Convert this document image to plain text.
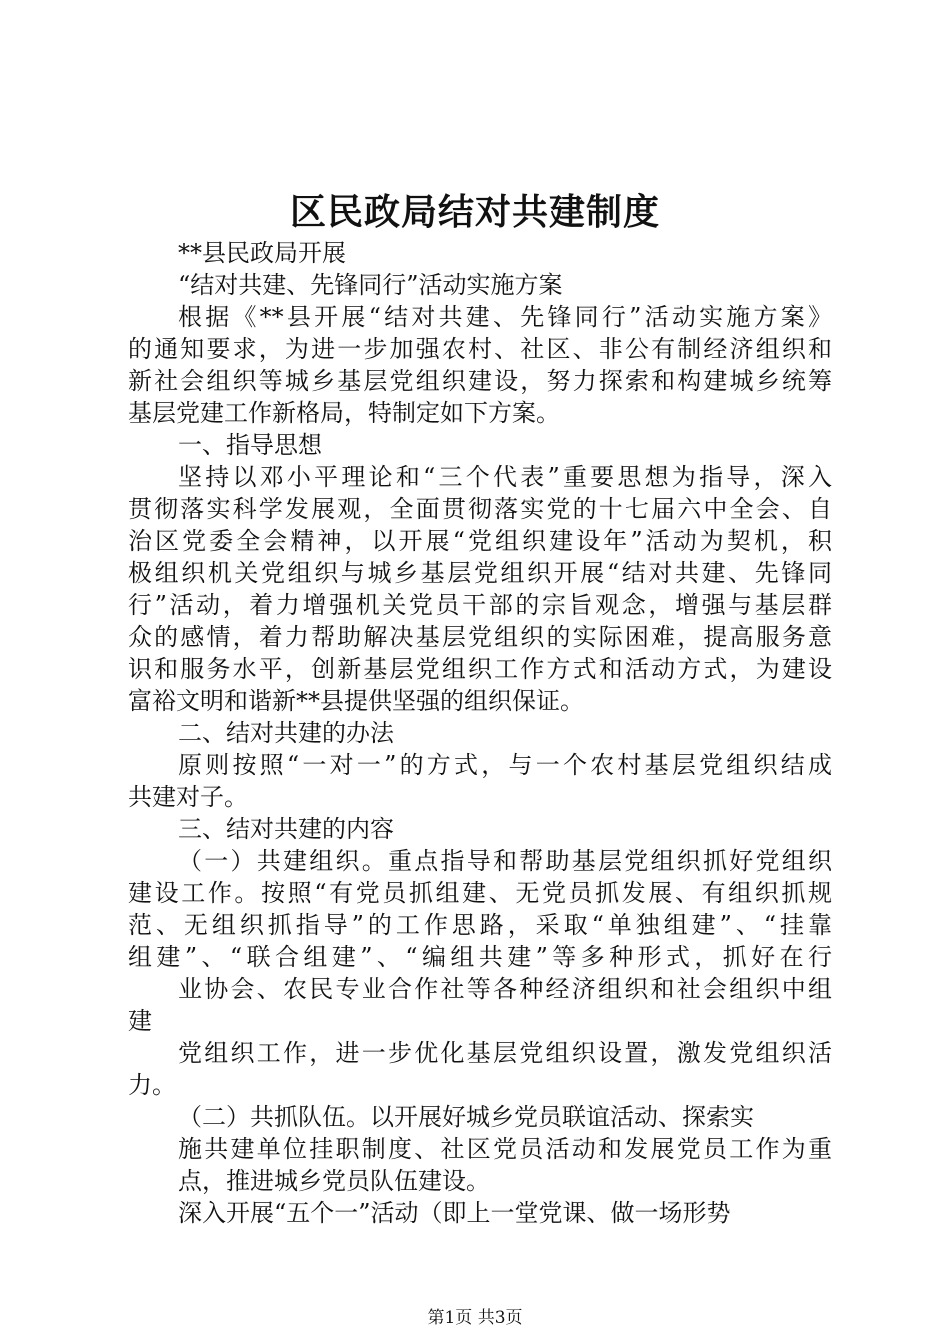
区民政局结对共建制度
**县民政局开展
“结对共建、先锋同行”活动实施方案
根据《**县开展“结对共建、先锋同行”活动实施方案》
的通知要求，为进一步加强农村、社区、非公有制经济组织和
新社会组织等城乡基层党组织建设，努力探索和构建城乡统筹
基层党建工作新格局，特制定如下方案。
一、指导思想
坚持以邓小平理论和“三个代表”重要思想为指导，深入
贯彻落实科学发展观，全面贯彻落实党的十七届六中全会、自
治区党委全会精神，以开展“党组织建设年”活动为契机，积
极组织机关党组织与城乡基层党组织开展“结对共建、先锋同
行”活动，着力增强机关党员干部的宗旨观念，增强与基层群
众的感情，着力帮助解决基层党组织的实际困难，提高服务意
识和服务水平，创新基层党组织工作方式和活动方式，为建设
富裕文明和谐新**县提供坚强的组织保证。
二、结对共建的办法
原则按照“一对一”的方式，与一个农村基层党组织结成
共建对子。
三、结对共建的内容
（一）共建组织。重点指导和帮助基层党组织抓好党组织
建设工作。按照“有党员抓组建、无党员抓发展、有组织抓规
范、无组织抓指导”的工作思路，采取“单独组建”、“挂靠
组建”、“联合组建”、“编组共建”等多种形式，抓好在行
业协会、农民专业合作社等各种经济组织和社会组织中组
建
党组织工作，进一步优化基层党组织设置，激发党组织活
力。
（二）共抓队伍。以开展好城乡党员联谊活动、探索实
施共建单位挂职制度、社区党员活动和发展党员工作为重
点，推进城乡党员队伍建设。
深入开展“五个一”活动（即上一堂党课、做一场形势
第1页 共3页
